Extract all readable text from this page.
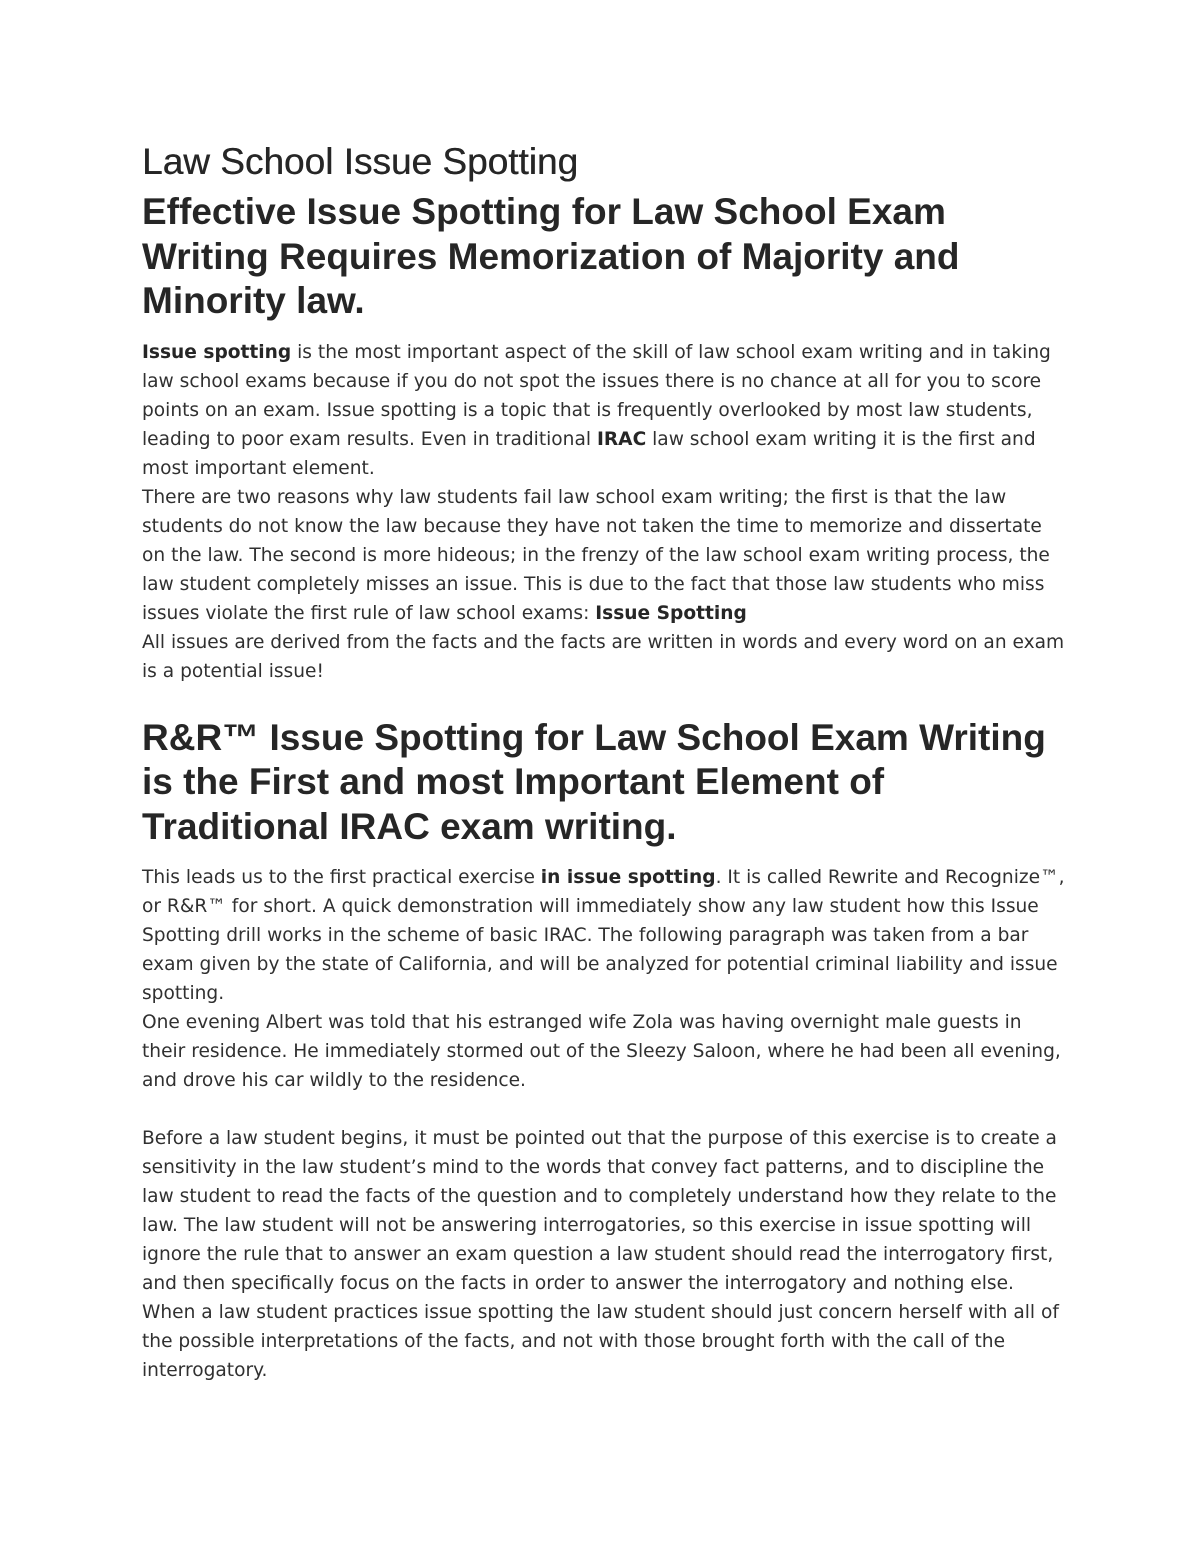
Law School Issue Spotting
Effective Issue Spotting for Law School Exam Writing Requires Memorization of Majority and Minority law.

Issue spotting is the most important aspect of the skill of law school exam writing and in taking law school exams because if you do not spot the issues there is no chance at all for you to score points on an exam. Issue spotting is a topic that is frequently overlooked by most law students, leading to poor exam results. Even in traditional IRAC law school exam writing it is the first and most important element.

There are two reasons why law students fail law school exam writing; the first is that the law students do not know the law because they have not taken the time to memorize and dissertate on the law. The second is more hideous; in the frenzy of the law school exam writing process, the law student completely misses an issue. This is due to the fact that those law students who miss issues violate the first rule of law school exams: Issue Spotting

All issues are derived from the facts and the facts are written in words and every word on an exam is a potential issue!

R&R™ Issue Spotting for Law School Exam Writing is the First and most Important Element of Traditional IRAC exam writing.

This leads us to the first practical exercise in issue spotting. It is called Rewrite and Recognize™, or R&R™ for short. A quick demonstration will immediately show any law student how this Issue Spotting drill works in the scheme of basic IRAC. The following paragraph was taken from a bar exam given by the state of California, and will be analyzed for potential criminal liability and issue spotting.

One evening Albert was told that his estranged wife Zola was having overnight male guests in their residence. He immediately stormed out of the Sleezy Saloon, where he had been all evening, and drove his car wildly to the residence.

Before a law student begins, it must be pointed out that the purpose of this exercise is to create a sensitivity in the law student’s mind to the words that convey fact patterns, and to discipline the law student to read the facts of the question and to completely understand how they relate to the law. The law student will not be answering interrogatories, so this exercise in issue spotting will ignore the rule that to answer an exam question a law student should read the interrogatory first, and then specifically focus on the facts in order to answer the interrogatory and nothing else. When a law student practices issue spotting the law student should just concern herself with all of the possible interpretations of the facts, and not with those brought forth with the call of the interrogatory.
